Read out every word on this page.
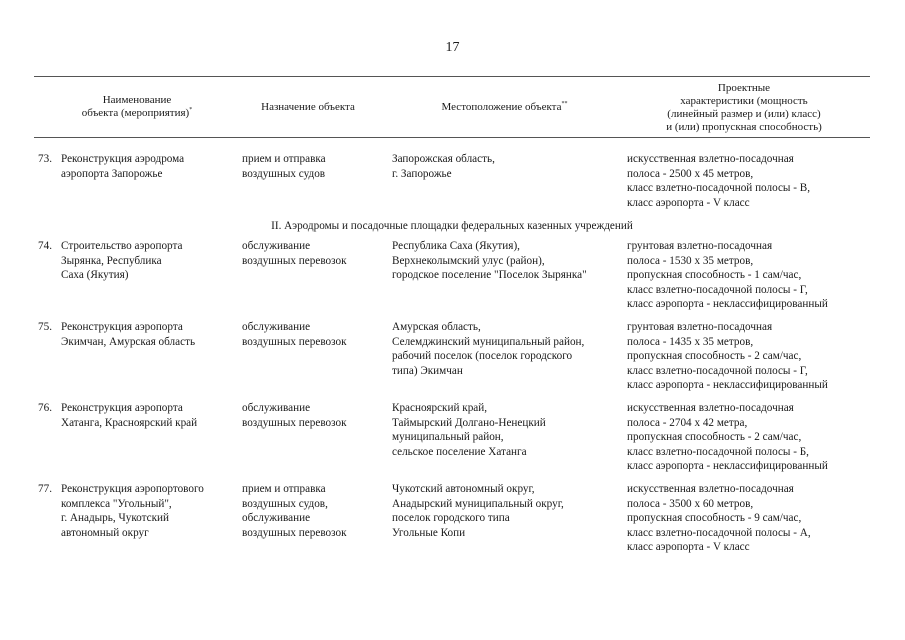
17
Наименование
объекта (мероприятия)*	Назначение объекта	Местоположение объекта**
Проектные
характеристики (мощность
(линейный размер и (или) класс)
и (или) пропускная способность)
73. Реконструкция аэродрома
аэропорта Запорожье
прием и отправка
воздушных судов
Запорожская область,
г. Запорожье
искусственная взлетно-посадочная
полоса - 2500 x 45 метров,
класс взлетно-посадочной полосы - В,
класс аэропорта - V класс
II. Аэродромы и посадочные площадки федеральных казенных учреждений
74. Строительство аэропорта
Зырянка, Республика
Саха (Якутия)
обслуживание
воздушных перевозок
Республика Саха (Якутия),
Верхнеколымский улус (район),
городское поселение "Поселок Зырянка"
грунтовая взлетно-посадочная
полоса - 1530 x 35 метров,
пропускная способность - 1 сам/час,
класс взлетно-посадочной полосы - Г,
класс аэропорта - неклассифицированный
75. Реконструкция аэропорта
Экимчан, Амурская область
обслуживание
воздушных перевозок
Амурская область,
Селемджинский муниципальный район,
рабочий поселок (поселок городского
типа) Экимчан
грунтовая взлетно-посадочная
полоса - 1435 x 35 метров,
пропускная способность - 2 сам/час,
класс взлетно-посадочной полосы - Г,
класс аэропорта - неклассифицированный
76. Реконструкция аэропорта
Хатанга, Красноярский край
обслуживание
воздушных перевозок
Красноярский край,
Таймырский Долгано-Ненецкий
муниципальный район,
сельское поселение Хатанга
искусственная взлетно-посадочная
полоса - 2704 x 42 метра,
пропускная способность - 2 сам/час,
класс взлетно-посадочной полосы - Б,
класс аэропорта - неклассифицированный
77. Реконструкция аэропортового
комплекса "Угольный",
г. Анадырь, Чукотский
автономный округ
прием и отправка
воздушных судов,
обслуживание
воздушных перевозок
Чукотский автономный округ,
Анадырский муниципальный округ,
поселок городского типа
Угольные Копи
искусственная взлетно-посадочная
полоса - 3500 x 60 метров,
пропускная способность - 9 сам/час,
класс взлетно-посадочной полосы - А,
класс аэропорта - V класс
